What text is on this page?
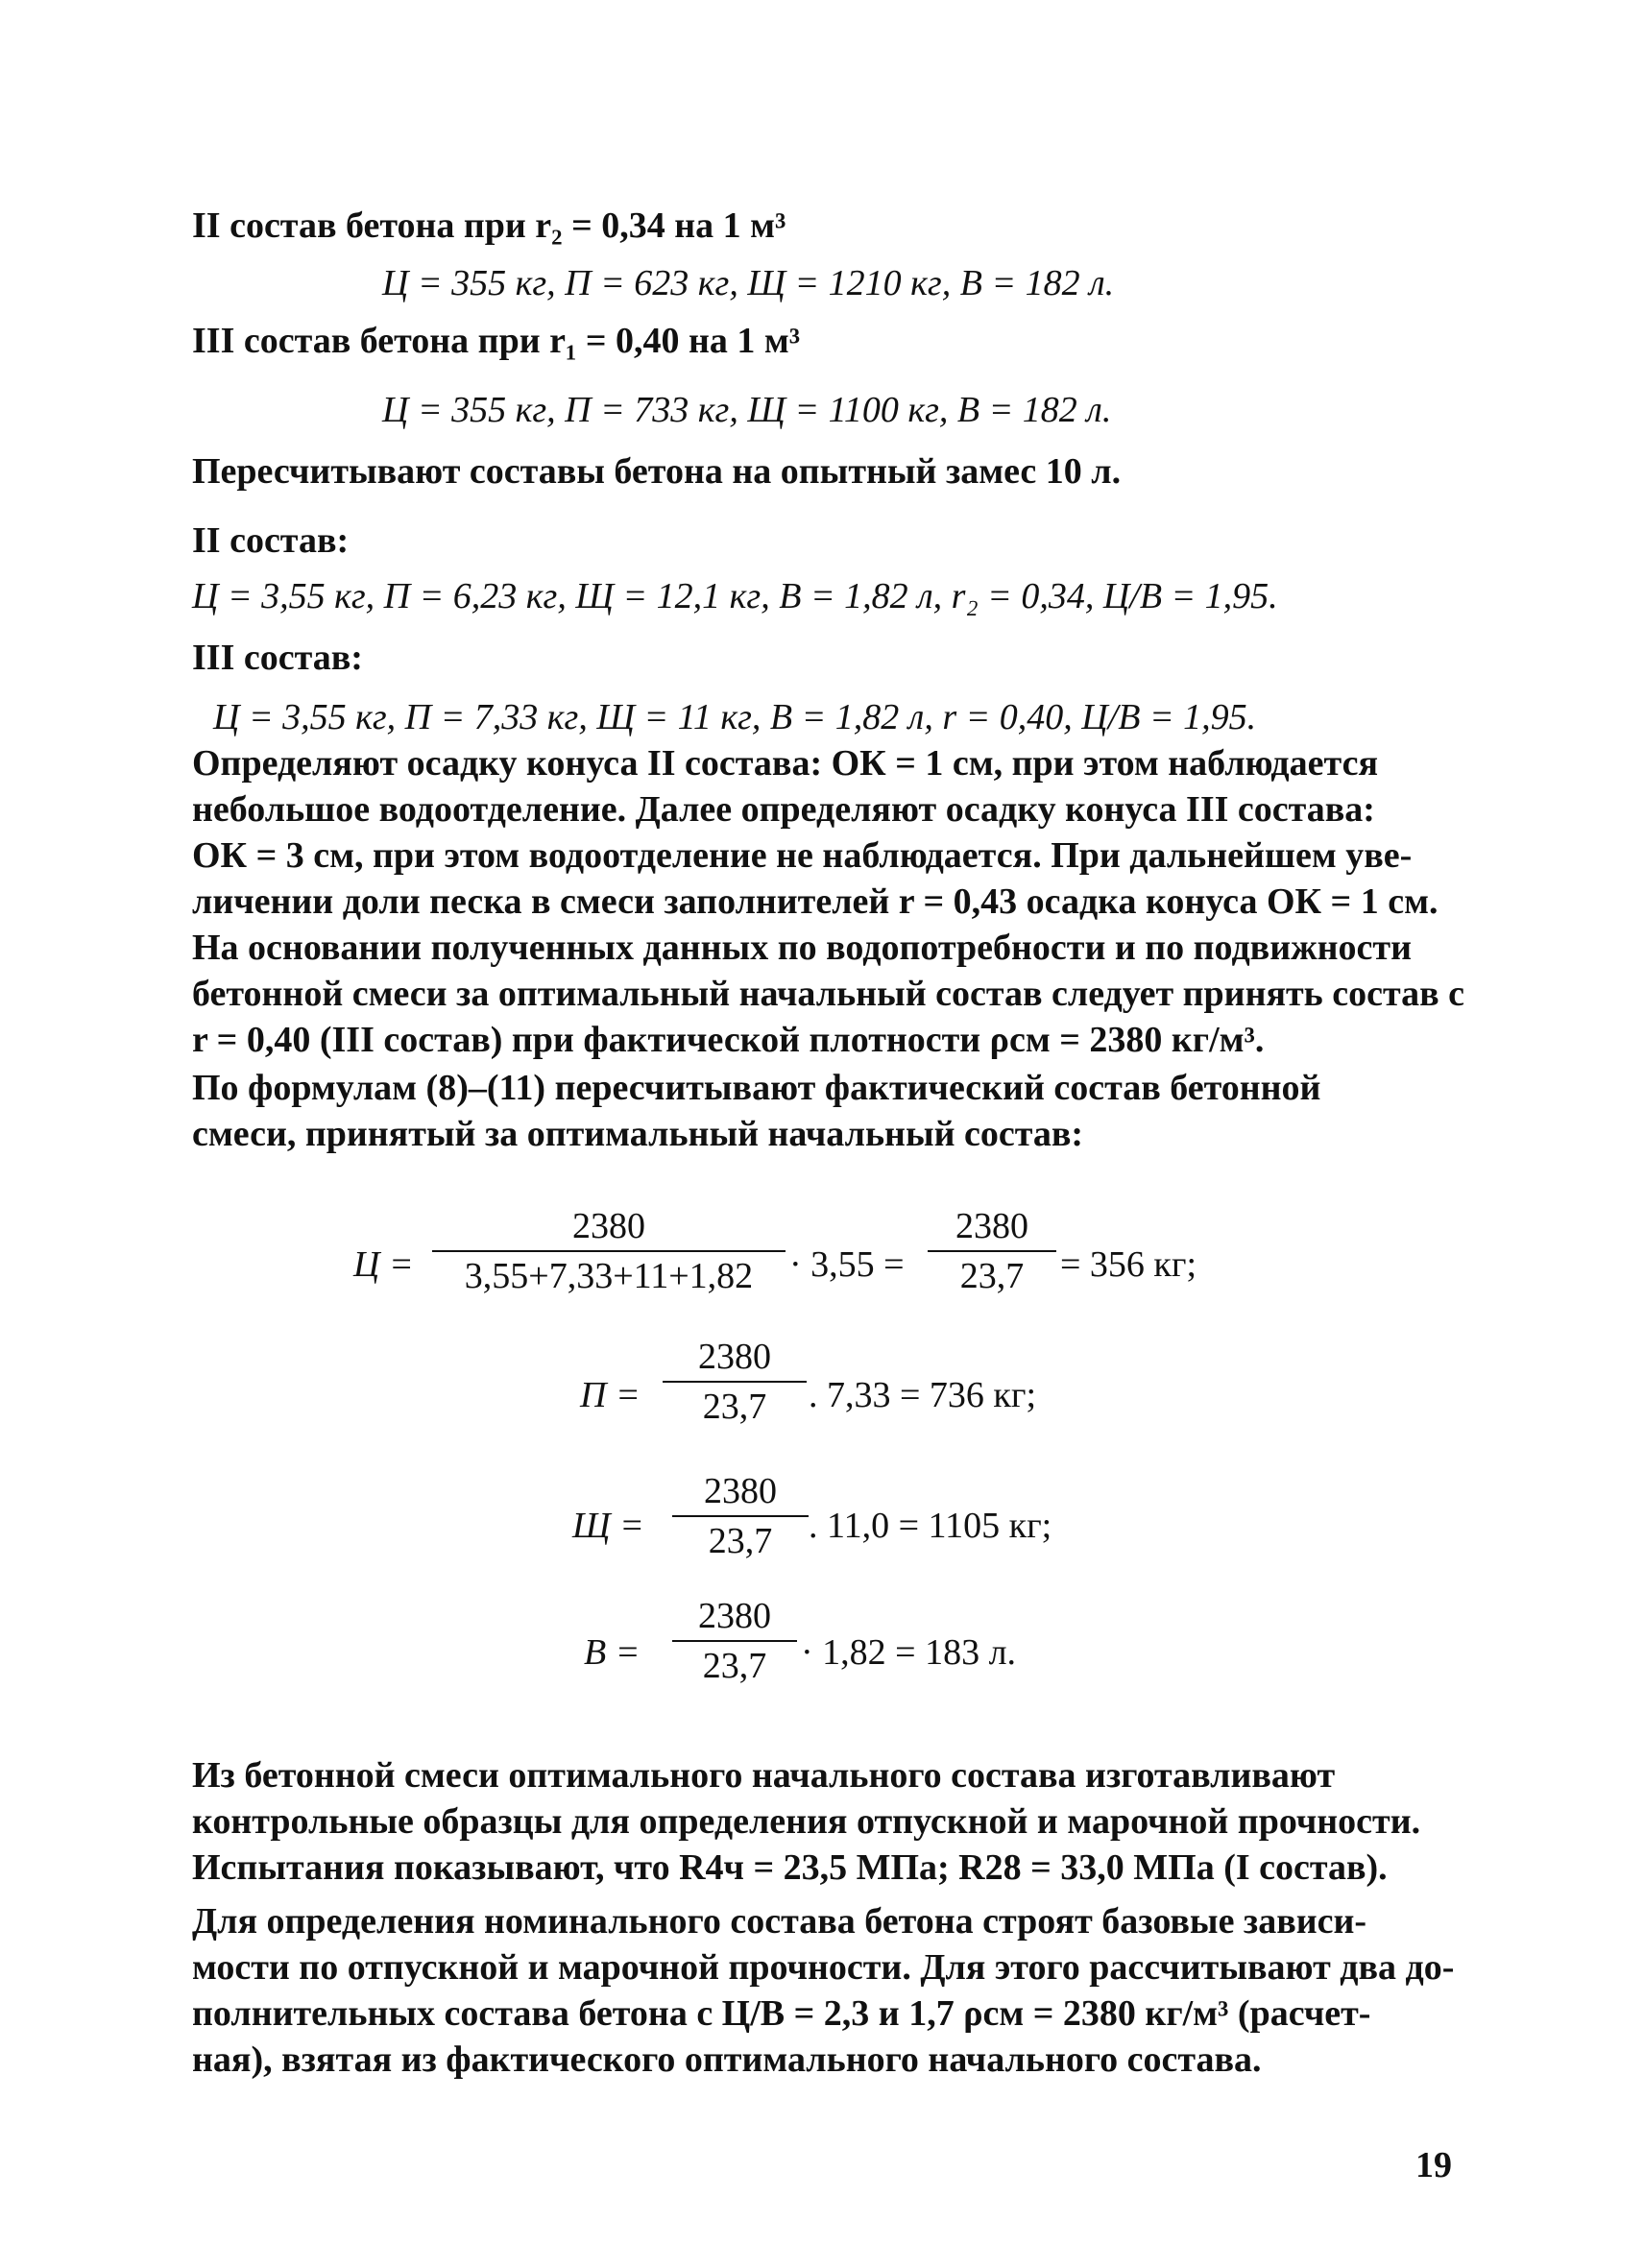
II состав бетона при r₂ = 0,34 на 1 м³
Ц = 355 кг, П = 623 кг, Щ = 1210 кг, В = 182 л.
III состав бетона при r₁ = 0,40 на 1 м³
Ц = 355 кг, П = 733 кг, Щ = 1100 кг, В = 182 л.
Пересчитывают составы бетона на опытный замес 10 л.
II состав:
Ц = 3,55 кг, П = 6,23 кг, Щ = 12,1 кг, В = 1,82 л, r₂ = 0,34, Ц/В = 1,95.
III состав:
Ц = 3,55 кг, П = 7,33 кг, Щ = 11 кг, В = 1,82 л, r = 0,40, Ц/В = 1,95.
Определяют осадку конуса II состава: ОК = 1 см, при этом наблюдается
небольшое водоотделение. Далее определяют осадку конуса III состава:
ОК = 3 см, при этом водоотделение не наблюдается. При дальнейшем уве-
личении доли песка в смеси заполнителей r = 0,43 осадка конуса ОК = 1 см.
На основании полученных данных по водопотребности и по подвижности
бетонной смеси за оптимальный начальный состав следует принять состав с
r = 0,40 (III состав) при фактической плотности ρсм = 2380 кг/м³.
По формулам (8)–(11) пересчитывают фактический состав бетонной
смеси, принятый за оптимальный начальный состав:
Ц =
2380
3,55+7,33+11+1,82 · 3,55 =
2380
23,7 = 356 кг;
П =
2380
23,7	. 7,33 = 736 кг;
Щ =
2380
23,7 . 11,0 = 1105 кг;
В =
2380
23,7 · 1,82 = 183 л.
Из бетонной смеси оптимального начального состава изготавливают
контрольные образцы для определения отпускной и марочной прочности.
Испытания показывают, что R4ч = 23,5 МПа; R28 = 33,0 МПа (I состав).
Для определения номинального состава бетона строят базовые зависи-
мости по отпускной и марочной прочности. Для этого рассчитывают два до-
полнительных состава бетона с Ц/В = 2,3 и 1,7 ρсм = 2380 кг/м³ (расчет-
ная), взятая из фактического оптимального начального состава.
19
